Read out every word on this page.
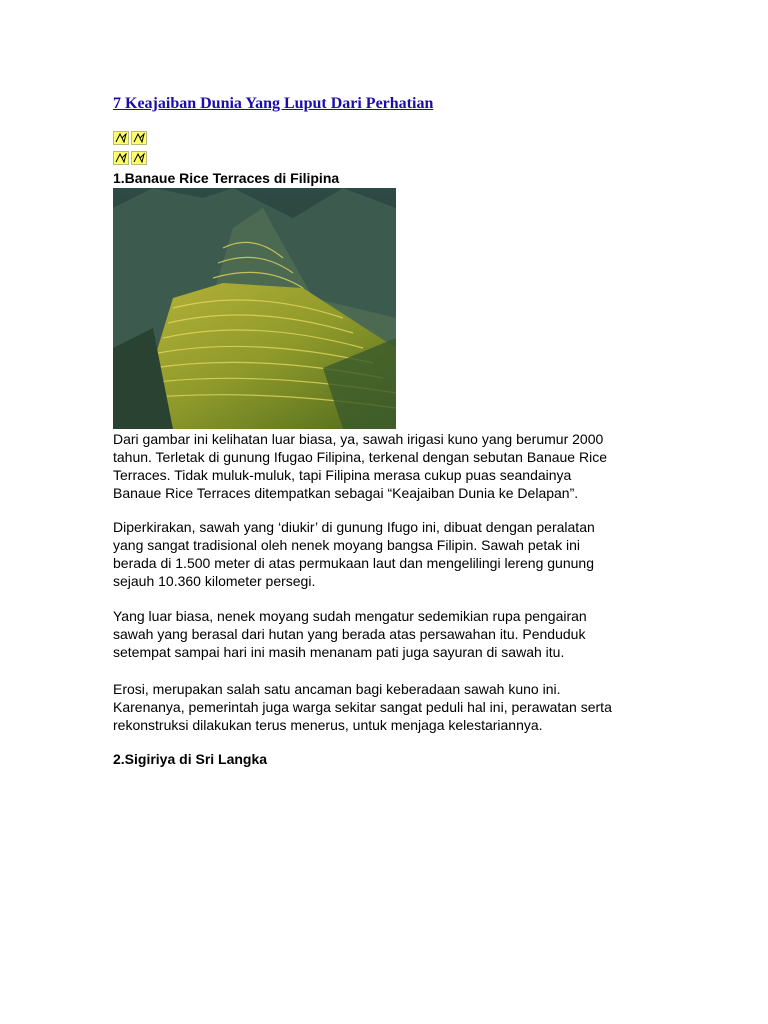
7 Keajaiban Dunia Yang Luput Dari Perhatian
1.Banaue Rice Terraces di Filipina
Dari gambar ini kelihatan luar biasa, ya, sawah irigasi kuno yang berumur 2000
tahun. Terletak di gunung Ifugao Filipina, terkenal dengan sebutan Banaue Rice
Terraces. Tidak muluk-muluk, tapi Filipina merasa cukup puas seandainya
Banaue Rice Terraces ditempatkan sebagai “Keajaiban Dunia ke Delapan”.
Diperkirakan, sawah yang ‘diukir’ di gunung Ifugo ini, dibuat dengan peralatan
yang sangat tradisional oleh nenek moyang bangsa Filipin. Sawah petak ini
berada di 1.500 meter di atas permukaan laut dan mengelilingi lereng gunung
sejauh 10.360 kilometer persegi.
Yang luar biasa, nenek moyang sudah mengatur sedemikian rupa pengairan
sawah yang berasal dari hutan yang berada atas persawahan itu. Penduduk
setempat sampai hari ini masih menanam pati juga sayuran di sawah itu.
Erosi, merupakan salah satu ancaman bagi keberadaan sawah kuno ini.
Karenanya, pemerintah juga warga sekitar sangat peduli hal ini, perawatan serta
rekonstruksi dilakukan terus menerus, untuk menjaga kelestariannya.
2.Sigiriya di Sri Langka
